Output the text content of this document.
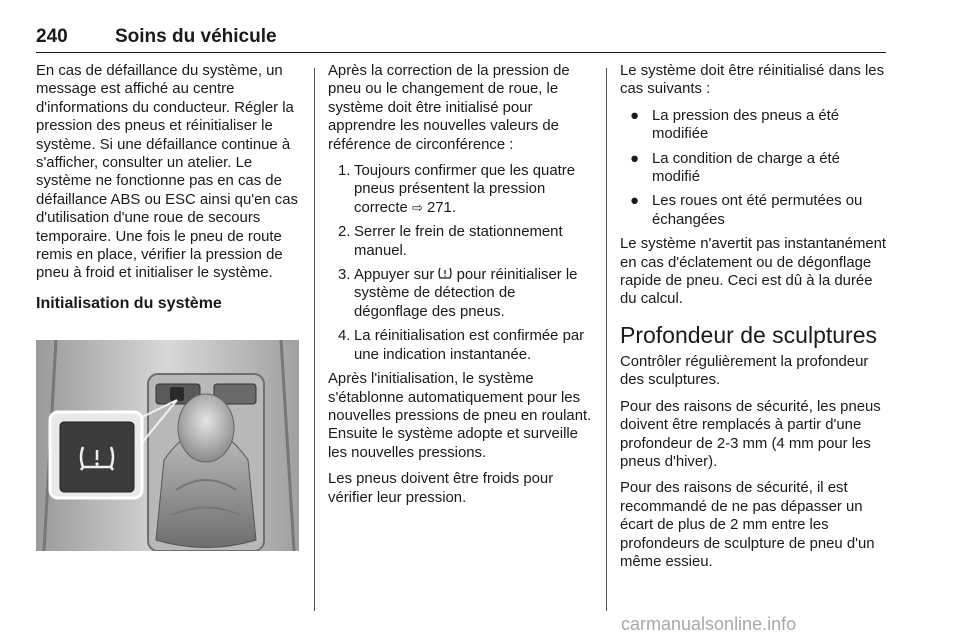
240 Soins du véhicule

En cas de défaillance du système, un message est affiché au centre d'informations du conducteur. Régler la pression des pneus et réinitialiser le système. Si une défaillance continue à s'afficher, consulter un atelier. Le système ne fonctionne pas en cas de défaillance ABS ou ESC ainsi qu'en cas d'utilisation d'une roue de secours temporaire. Une fois le pneu de route remis en place, vérifier la pression de pneu à froid et initialiser le système.

Initialisation du système

Après la correction de la pression de pneu ou le changement de roue, le système doit être initialisé pour apprendre les nouvelles valeurs de référence de circonférence :

1. Toujours confirmer que les quatre pneus présentent la pression correcte ⇨ 271.
2. Serrer le frein de stationnement manuel.
3. Appuyer sur pour réinitialiser le système de détection de dégonflage des pneus.
4. La réinitialisation est confirmée par une indication instantanée.

Après l'initialisation, le système s'établonne automatiquement pour les nouvelles pressions de pneu en roulant. Ensuite le système adopte et surveille les nouvelles pressions.

Les pneus doivent être froids pour vérifier leur pression.

Le système doit être réinitialisé dans les cas suivants :

● La pression des pneus a été modifiée
● La condition de charge a été modifié
● Les roues ont été permutées ou échangées

Le système n'avertit pas instantanément en cas d'éclatement ou de dégonflage rapide de pneu. Ceci est dû à la durée du calcul.

Profondeur de sculptures

Contrôler régulièrement la profondeur des sculptures.

Pour des raisons de sécurité, les pneus doivent être remplacés à partir d'une profondeur de 2-3 mm (4 mm pour les pneus d'hiver).

Pour des raisons de sécurité, il est recommandé de ne pas dépasser un écart de plus de 2 mm entre les profondeurs de sculpture de pneu d'un même essieu.

carmanualsonline.info
